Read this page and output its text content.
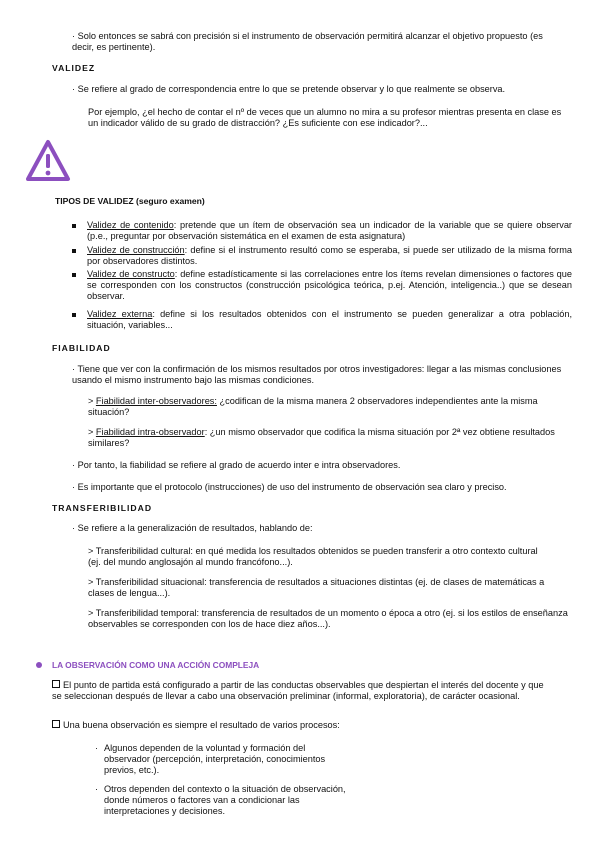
· Solo entonces se sabrá con precisión si el instrumento de observación permitirá alcanzar el objetivo propuesto (es decir, es pertinente).
VALIDEZ
· Se refiere al grado de correspondencia entre lo que se pretende observar y lo que realmente se observa.
Por ejemplo, ¿el hecho de contar el nº de veces que un alumno no mira a su profesor mientras presenta en clase es un indicador válido de su grado de distracción? ¿Es suficiente con ese indicador?...
TIPOS DE VALIDEZ (seguro examen)

Validez de contenido: pretende que un ítem de observación sea un indicador de la variable que se quiere observar (p.e., preguntar por observación sistemática en el examen de esta asignatura)

Validez de construcción: define si el instrumento resultó como se esperaba, si puede ser utilizado de la misma forma por observadores distintos.

Validez de constructo: define estadísticamente si las correlaciones entre los ítems revelan dimensiones o factores que se corresponden con los constructos (construcción psicológica teórica, p.ej. Atención, inteligencia..) que se desean observar.

Validez externa: define si los resultados obtenidos con el instrumento se pueden generalizar a otra población, situación, variables...

FIABILIDAD
· Tiene que ver con la confirmación de los mismos resultados por otros investigadores: llegar a las mismas conclusiones usando el mismo instrumento bajo las mismas condiciones.
> Fiabilidad inter-observadores: ¿codifican de la misma manera 2 observadores independientes ante la misma situación?
> Fiabilidad intra-observador: ¿un mismo observador que codifica la misma situación por 2ª vez obtiene resultados similares?
· Por tanto, la fiabilidad se refiere al grado de acuerdo inter e intra observadores.
· Es importante que el protocolo (instrucciones) de uso del instrumento de observación sea claro y preciso.
TRANSFERIBILIDAD
· Se refiere a la generalización de resultados, hablando de:
> Transferibilidad cultural: en qué medida los resultados obtenidos se pueden transferir a otro contexto cultural (ej. del mundo anglosajón al mundo francófono...).
> Transferibilidad situacional: transferencia de resultados a situaciones distintas (ej. de clases de matemáticas a clases de lengua...).
> Transferibilidad temporal: transferencia de resultados de un momento o época a otro (ej. si los estilos de enseñanza observables se corresponden con los de hace diez años...).
LA OBSERVACIÓN COMO UNA ACCIÓN COMPLEJA
El punto de partida está configurado a partir de las conductas observables que despiertan el interés del docente y que se seleccionan después de llevar a cabo una observación preliminar (informal, exploratoria), de carácter ocasional.
Una buena observación es siempre el resultado de varios procesos:
· Algunos dependen de la voluntad y formación del observador (percepción, interpretación, conocimientos previos, etc.).
· Otros dependen del contexto o la situación de observación, donde números o factores van a condicionar las interpretaciones y decisiones.
